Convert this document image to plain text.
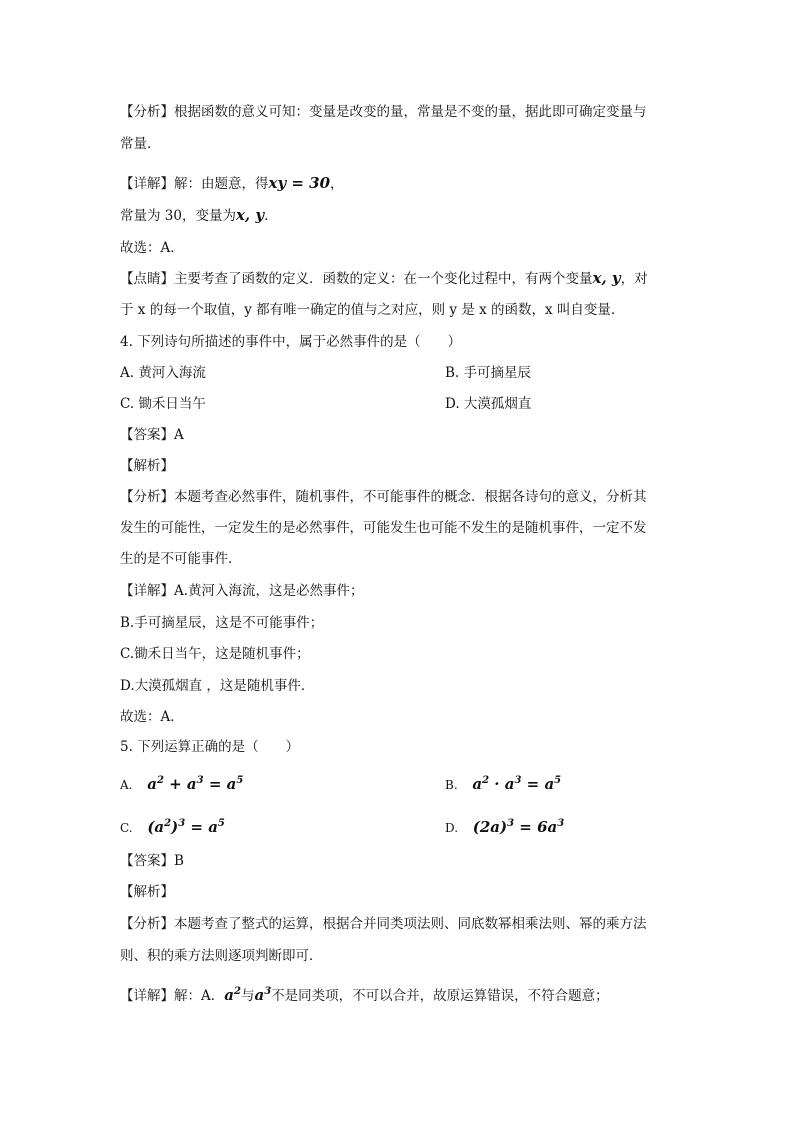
【分析】根据函数的意义可知：变量是改变的量，常量是不变的量，据此即可确定变量与
常量．
【详解】解：由题意，得xy = 30，
常量为 30，变量为x, y．
故选：A．
【点睛】主要考查了函数的定义．函数的定义：在一个变化过程中，有两个变量x, y，对
于 x 的每一个取值，y 都有唯一确定的值与之对应，则 y 是 x 的函数，x 叫自变量．
4. 下列诗句所描述的事件中，属于必然事件的是（　　）
A. 黄河入海流	B. 手可摘星辰
C. 锄禾日当午	D. 大漠孤烟直
【答案】A
【解析】
【分析】本题考查必然事件，随机事件，不可能事件的概念．根据各诗句的意义，分析其
发生的可能性，一定发生的是必然事件，可能发生也可能不发生的是随机事件，一定不发
生的是不可能事件．
【详解】A.黄河入海流，这是必然事件；
B.手可摘星辰，这是不可能事件；
C.锄禾日当午，这是随机事件；
D.大漠孤烟直 ，这是随机事件．
故选：A．
5. 下列运算正确的是（　　）
A.   $a^2 + a^3 = a^5$	B.   $a^2 \cdot a^3 = a^5$
C.   $(a^2)^3 = a^5$	D.   $(2a)^3 = 6a^3$
【答案】B
【解析】
【分析】本题考查了整式的运算，根据合并同类项法则、同底数幂相乘法则、幂的乘方法
则、积的乘方法则逐项判断即可．
【详解】解：A．$a^2$与$a^3$不是同类项，不可以合并，故原运算错误，不符合题意；
